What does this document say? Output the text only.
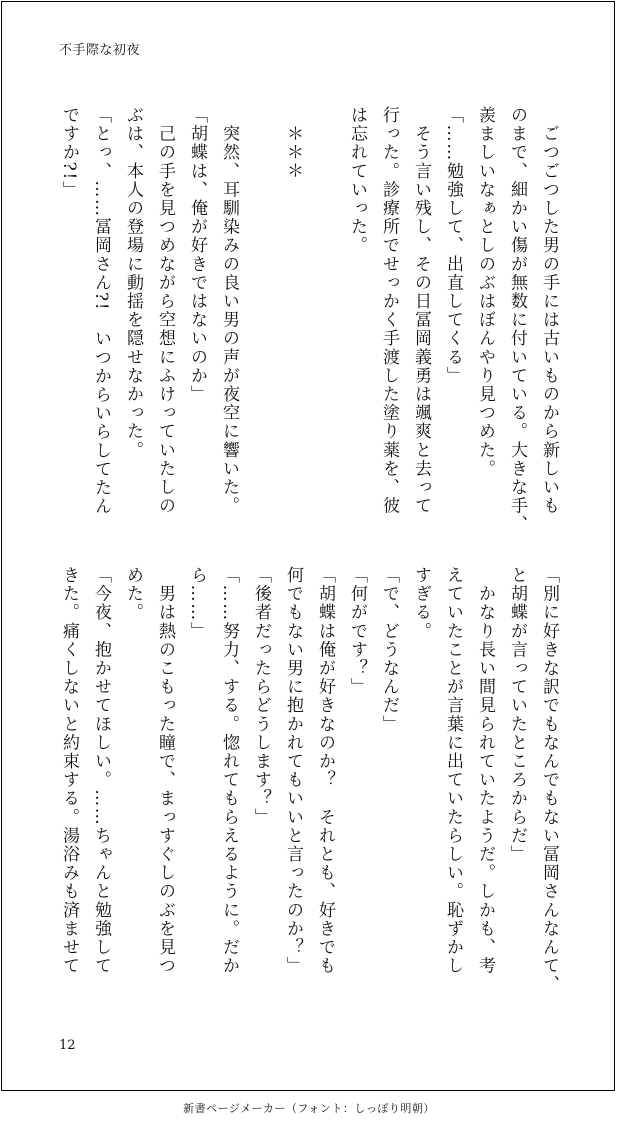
不手際な初夜
　ごつごつした男の手には古いものから新しいも
のまで、細かい傷が無数に付いている。大きな手、
羨ましいなぁとしのぶはぼんやり見つめた。
「……勉強して、出直してくる」
　そう言い残し、その日冨岡義勇は颯爽と去って
行った。診療所でせっかく手渡した塗り薬を、彼
は忘れていった。

　＊＊＊

　突然、耳馴染みの良い男の声が夜空に響いた。
「胡蝶は、俺が好きではないのか」
　己の手を見つめながら空想にふけっていたしの
ぶは、本人の登場に動揺を隠せなかった。
「とっ、……冨岡さん?!　いつからいらしてたん
ですか?!」
「別に好きな訳でもなんでもない冨岡さんなんて、
と胡蝶が言っていたところからだ」
　かなり長い間見られていたようだ。しかも、考
えていたことが言葉に出ていたらしい。恥ずかし
すぎる。
「で、どうなんだ」
「何がです？」
「胡蝶は俺が好きなのか？　それとも、好きでも
何でもない男に抱かれてもいいと言ったのか？」
「後者だったらどうします？」
「……努力、する。惚れてもらえるように。だか
ら……」
　男は熱のこもった瞳で、まっすぐしのぶを見つ
めた。
「今夜、抱かせてほしい。……ちゃんと勉強して
きた。痛くしないと約束する。湯浴みも済ませて
12
新書ページメーカー（フォント：しっぽり明朝）
